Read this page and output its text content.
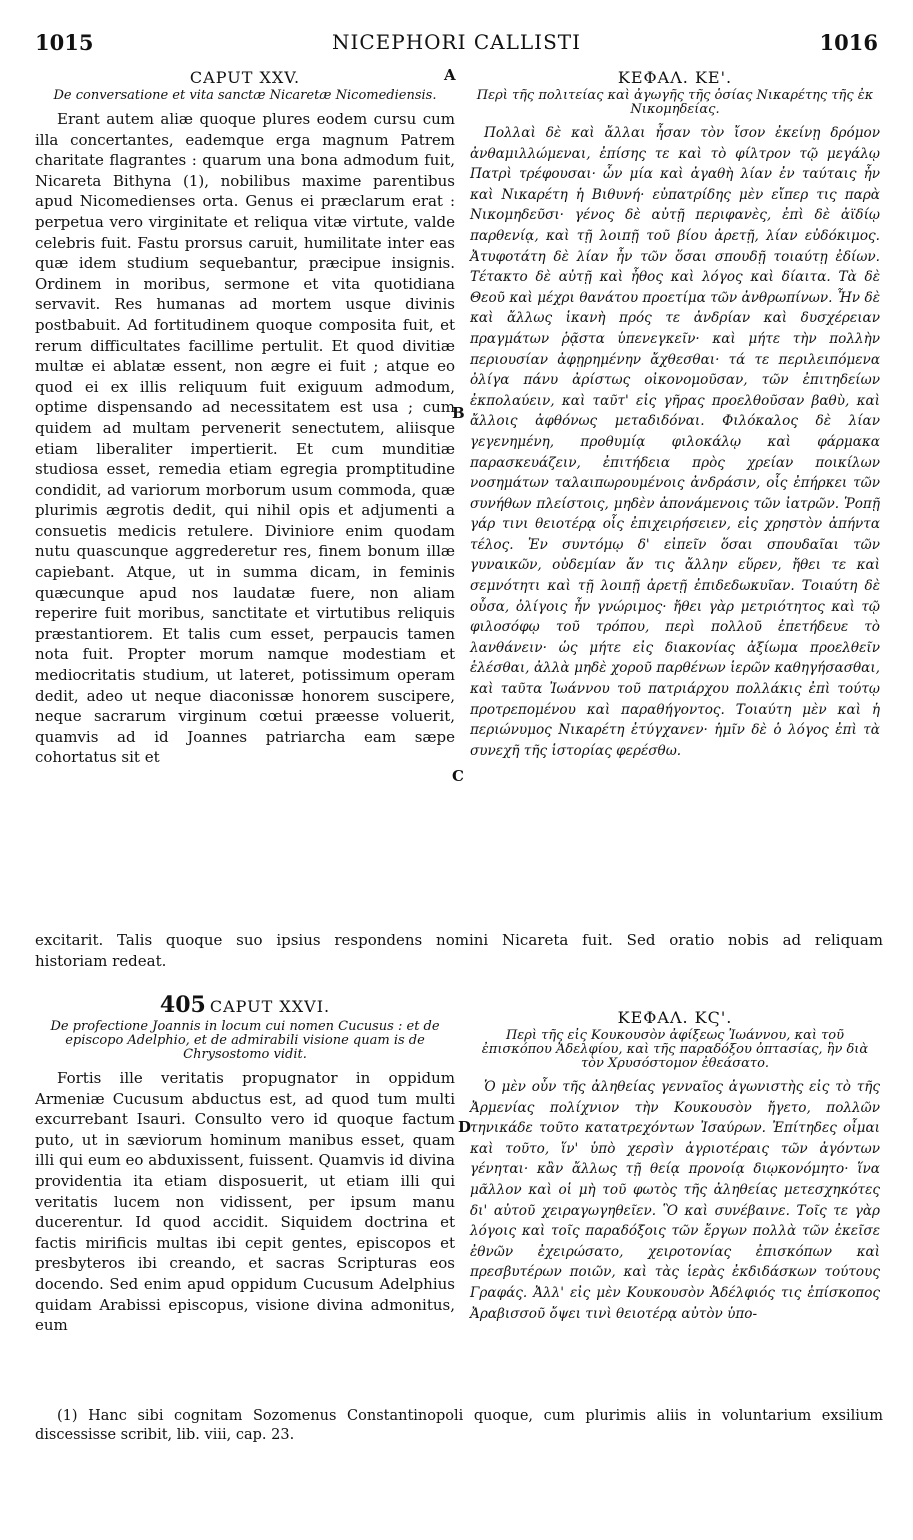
1015	NICEPHORI CALLISTI	1016
A
B
C
D

CAPUT XXV.

De conversatione et vita sanctæ Nicaretæ Nicomediensis.

Erant autem aliæ quoque plures eodem cursu cum illa concertantes, eademque erga magnum Patrem charitate flagrantes : quarum una bona admodum fuit, Nicareta Bithyna (1), nobilibus maxime parentibus apud Nicomedienses orta. Genus ei præclarum erat : perpetua vero virginitate et reliqua vitæ virtute, valde celebris fuit. Fastu prorsus caruit, humilitate inter eas quæ idem studium sequebantur, præcipue insignis. Ordinem in moribus, sermone et vita quotidiana servavit. Res humanas ad mortem usque divinis postbabuit. Ad fortitudinem quoque composita fuit, et rerum difficultates facillime pertulit. Et quod divitiæ multæ ei ablatæ essent, non ægre ei fuit ; atque eo quod ei ex illis reliquum fuit exiguum admodum, optime dispensando ad necessitatem est usa ; cum quidem ad multam pervenerit senectutem, aliisque etiam liberaliter impertierit. Et cum munditiæ studiosa esset, remedia etiam egregia promptitudine condidit, ad variorum morborum usum commoda, quæ plurimis ægrotis dedit, qui nihil opis et adjumenti a consuetis medicis retulere. Diviniore enim quodam nutu quascunque aggrederetur res, finem bonum illæ capiebant. Atque, ut in summa dicam, in feminis quæcunque apud nos laudatæ fuere, non aliam reperire fuit moribus, sanctitate et virtutibus reliquis præstantiorem. Et talis cum esset, perpaucis tamen nota fuit. Propter morum namque modestiam et mediocritatis studium, ut lateret, potissimum operam dedit, adeo ut neque diaconissæ honorem suscipere, neque sacrarum virginum cœtui præesse voluerit, quamvis ad id Joannes patriarcha eam sæpe cohortatus sit et

ΚΕΦΑΛ. ΚΕ'.

Περὶ τῆς πολιτείας καὶ ἀγωγῆς τῆς ὁσίας Νικαρέτης τῆς ἐκ Νικομηδείας.

Πολλαὶ δὲ καὶ ἄλλαι ἦσαν τὸν ἴσον ἐκείνῃ δρόμον ἀνθαμιλλώμεναι, ἐπίσης τε καὶ τὸ φίλτρον τῷ μεγάλῳ Πατρὶ τρέφουσαι· ὧν μία καὶ ἀγαθὴ λίαν ἐν ταύταις ἦν καὶ Νικαρέτη ἡ Βιθυνή· εὐπατρίδης μὲν εἴπερ τις παρὰ Νικομηδεῦσι· γένος δὲ αὐτῇ περιφανὲς, ἐπὶ δὲ ἀϊδίῳ παρθενίᾳ, καὶ τῇ λοιπῇ τοῦ βίου ἀρετῇ, λίαν εὐδόκιμος. Ἀτυφοτάτη δὲ λίαν ἦν τῶν ὅσαι σπουδῇ τοιαύτῃ ἐδίων. Τέτακτο δὲ αὐτῇ καὶ ἦθος καὶ λόγος καὶ δίαιτα. Τὰ δὲ Θεοῦ καὶ μέχρι θανάτου προετίμα τῶν ἀνθρωπίνων. Ἦν δὲ καὶ ἄλλως ἱκανὴ πρός τε ἀνδρίαν καὶ δυσχέρειαν πραγμάτων ῥᾷστα ὑπενεγκεῖν· καὶ μήτε τὴν πολλὴν περιουσίαν ἀφῃρημένην ἄχθεσθαι· τά τε περιλειπόμενα ὀλίγα πάνυ ἀρίστως οἰκονομοῦσαν, τῶν ἐπιτηδείων ἐκπολαύειν, καὶ ταῦτ' εἰς γῆρας προελθοῦσαν βαθὺ, καὶ ἄλλοις ἀφθόνως μεταδιδόναι. Φιλόκαλος δὲ λίαν γεγενημένη, προθυμίᾳ φιλοκάλῳ καὶ φάρμακα παρασκευάζειν, ἐπιτήδεια πρὸς χρείαν ποικίλων νοσημάτων ταλαιπωρουμένοις ἀνδράσιν, οἷς ἐπήρκει τῶν συνήθων πλείστοις, μηδὲν ἀπονάμενοις τῶν ἰατρῶν. Ῥοπῇ γάρ τινι θειοτέρᾳ οἷς ἐπιχειρήσειεν, εἰς χρηστὸν ἀπήντα τέλος. Ἐν συντόμῳ δ' εἰπεῖν ὅσαι σπουδαῖαι τῶν γυναικῶν, οὐδεμίαν ἄν τις ἄλλην εὕρεν, ἤθει τε καὶ σεμνότητι καὶ τῇ λοιπῇ ἀρετῇ ἐπιδεδωκυῖαν. Τοιαύτη δὲ οὖσα, ὀλίγοις ἦν γνώριμος· ἤθει γὰρ μετριότητος καὶ τῷ φιλοσόφῳ τοῦ τρόπου, περὶ πολλοῦ ἐπετήδευε τὸ λανθάνειν· ὡς μήτε εἰς διακονίας ἀξίωμα προελθεῖν ἑλέσθαι, ἀλλὰ μηδὲ χοροῦ παρθένων ἱερῶν καθηγήσασθαι, καὶ ταῦτα Ἰωάννου τοῦ πατριάρχου πολλάκις ἐπὶ τούτῳ προτρεπομένου καὶ παραθήγοντος. Τοιαύτη μὲν καὶ ἡ περιώνυμος Νικαρέτη ἐτύγχανεν· ἡμῖν δὲ ὁ λόγος ἐπὶ τὰ συνεχῆ τῆς ἱστορίας φερέσθω.

excitarit. Talis quoque suo ipsius respondens nomini Nicareta fuit. Sed oratio nobis ad reliquam
historiam redeat.

405 CAPUT XXVI.

De profectione Joannis in locum cui nomen Cucusus : et de episcopo Adelphio, et de admirabili visione quam is de Chrysostomo vidit.

Fortis ille veritatis propugnator in oppidum Armeniæ Cucusum abductus est, ad quod tum multi excurrebant Isauri. Consulto vero id quoque factum puto, ut in sæviorum hominum manibus esset, quam illi qui eum eo abduxissent, fuissent. Quamvis id divina providentia ita etiam disposuerit, ut etiam illi qui veritatis lucem non vidissent, per ipsum manu ducerentur. Id quod accidit. Siquidem doctrina et factis mirificis multas ibi cepit gentes, episcopos et presbyteros ibi creando, et sacras Scripturas eos docendo. Sed enim apud oppidum Cucusum Adelphius quidam Arabissi episcopus, visione divina admonitus, eum

ΚΕΦΑΛ. ΚϚ'.

Περὶ τῆς εἰς Κουκουσὸν ἀφίξεως Ἰωάννου, καὶ τοῦ ἐπισκόπου Ἀδελφίου, καὶ τῆς παραδόξου ὀπτασίας, ἣν διὰ τὸν Χρυσόστομον ἐθεάσατο.

Ὁ μὲν οὖν τῆς ἀληθείας γενναῖος ἀγωνιστὴς εἰς τὸ τῆς Ἀρμενίας πολίχνιον τὴν Κουκουσὸν ἤγετο, πολλῶν τηνικάδε τοῦτο κατατρεχόντων Ἰσαύρων. Ἐπίτηδες οἶμαι καὶ τοῦτο, ἵν' ὑπὸ χερσὶν ἀγριοτέραις τῶν ἀγόντων γένηται· κἂν ἄλλως τῇ θείᾳ προνοίᾳ διῳκονόμητο· ἵνα μᾶλλον καὶ οἱ μὴ τοῦ φωτὸς τῆς ἀληθείας μετεσχηκότες δι' αὐτοῦ χειραγωγηθεῖεν. Ὃ καὶ συνέβαινε. Τοῖς τε γὰρ λόγοις καὶ τοῖς παραδόξοις τῶν ἔργων πολλὰ τῶν ἐκεῖσε ἐθνῶν ἐχειρώσατο, χειροτονίας ἐπισκόπων καὶ πρεσβυτέρων ποιῶν, καὶ τὰς ἱερὰς ἐκδιδάσκων τούτους Γραφάς. Ἀλλ' εἰς μὲν Κουκουσὸν Ἀδέλφιός τις ἐπίσκοπος Ἀραβισσοῦ ὄψει τινὶ θειοτέρᾳ αὐτὸν ὑπο-

(1) Hanc sibi cognitam Sozomenus Constantinopoli quoque, cum plurimis aliis in voluntarium exsilium discessisse scribit, lib. viii, cap. 23.
